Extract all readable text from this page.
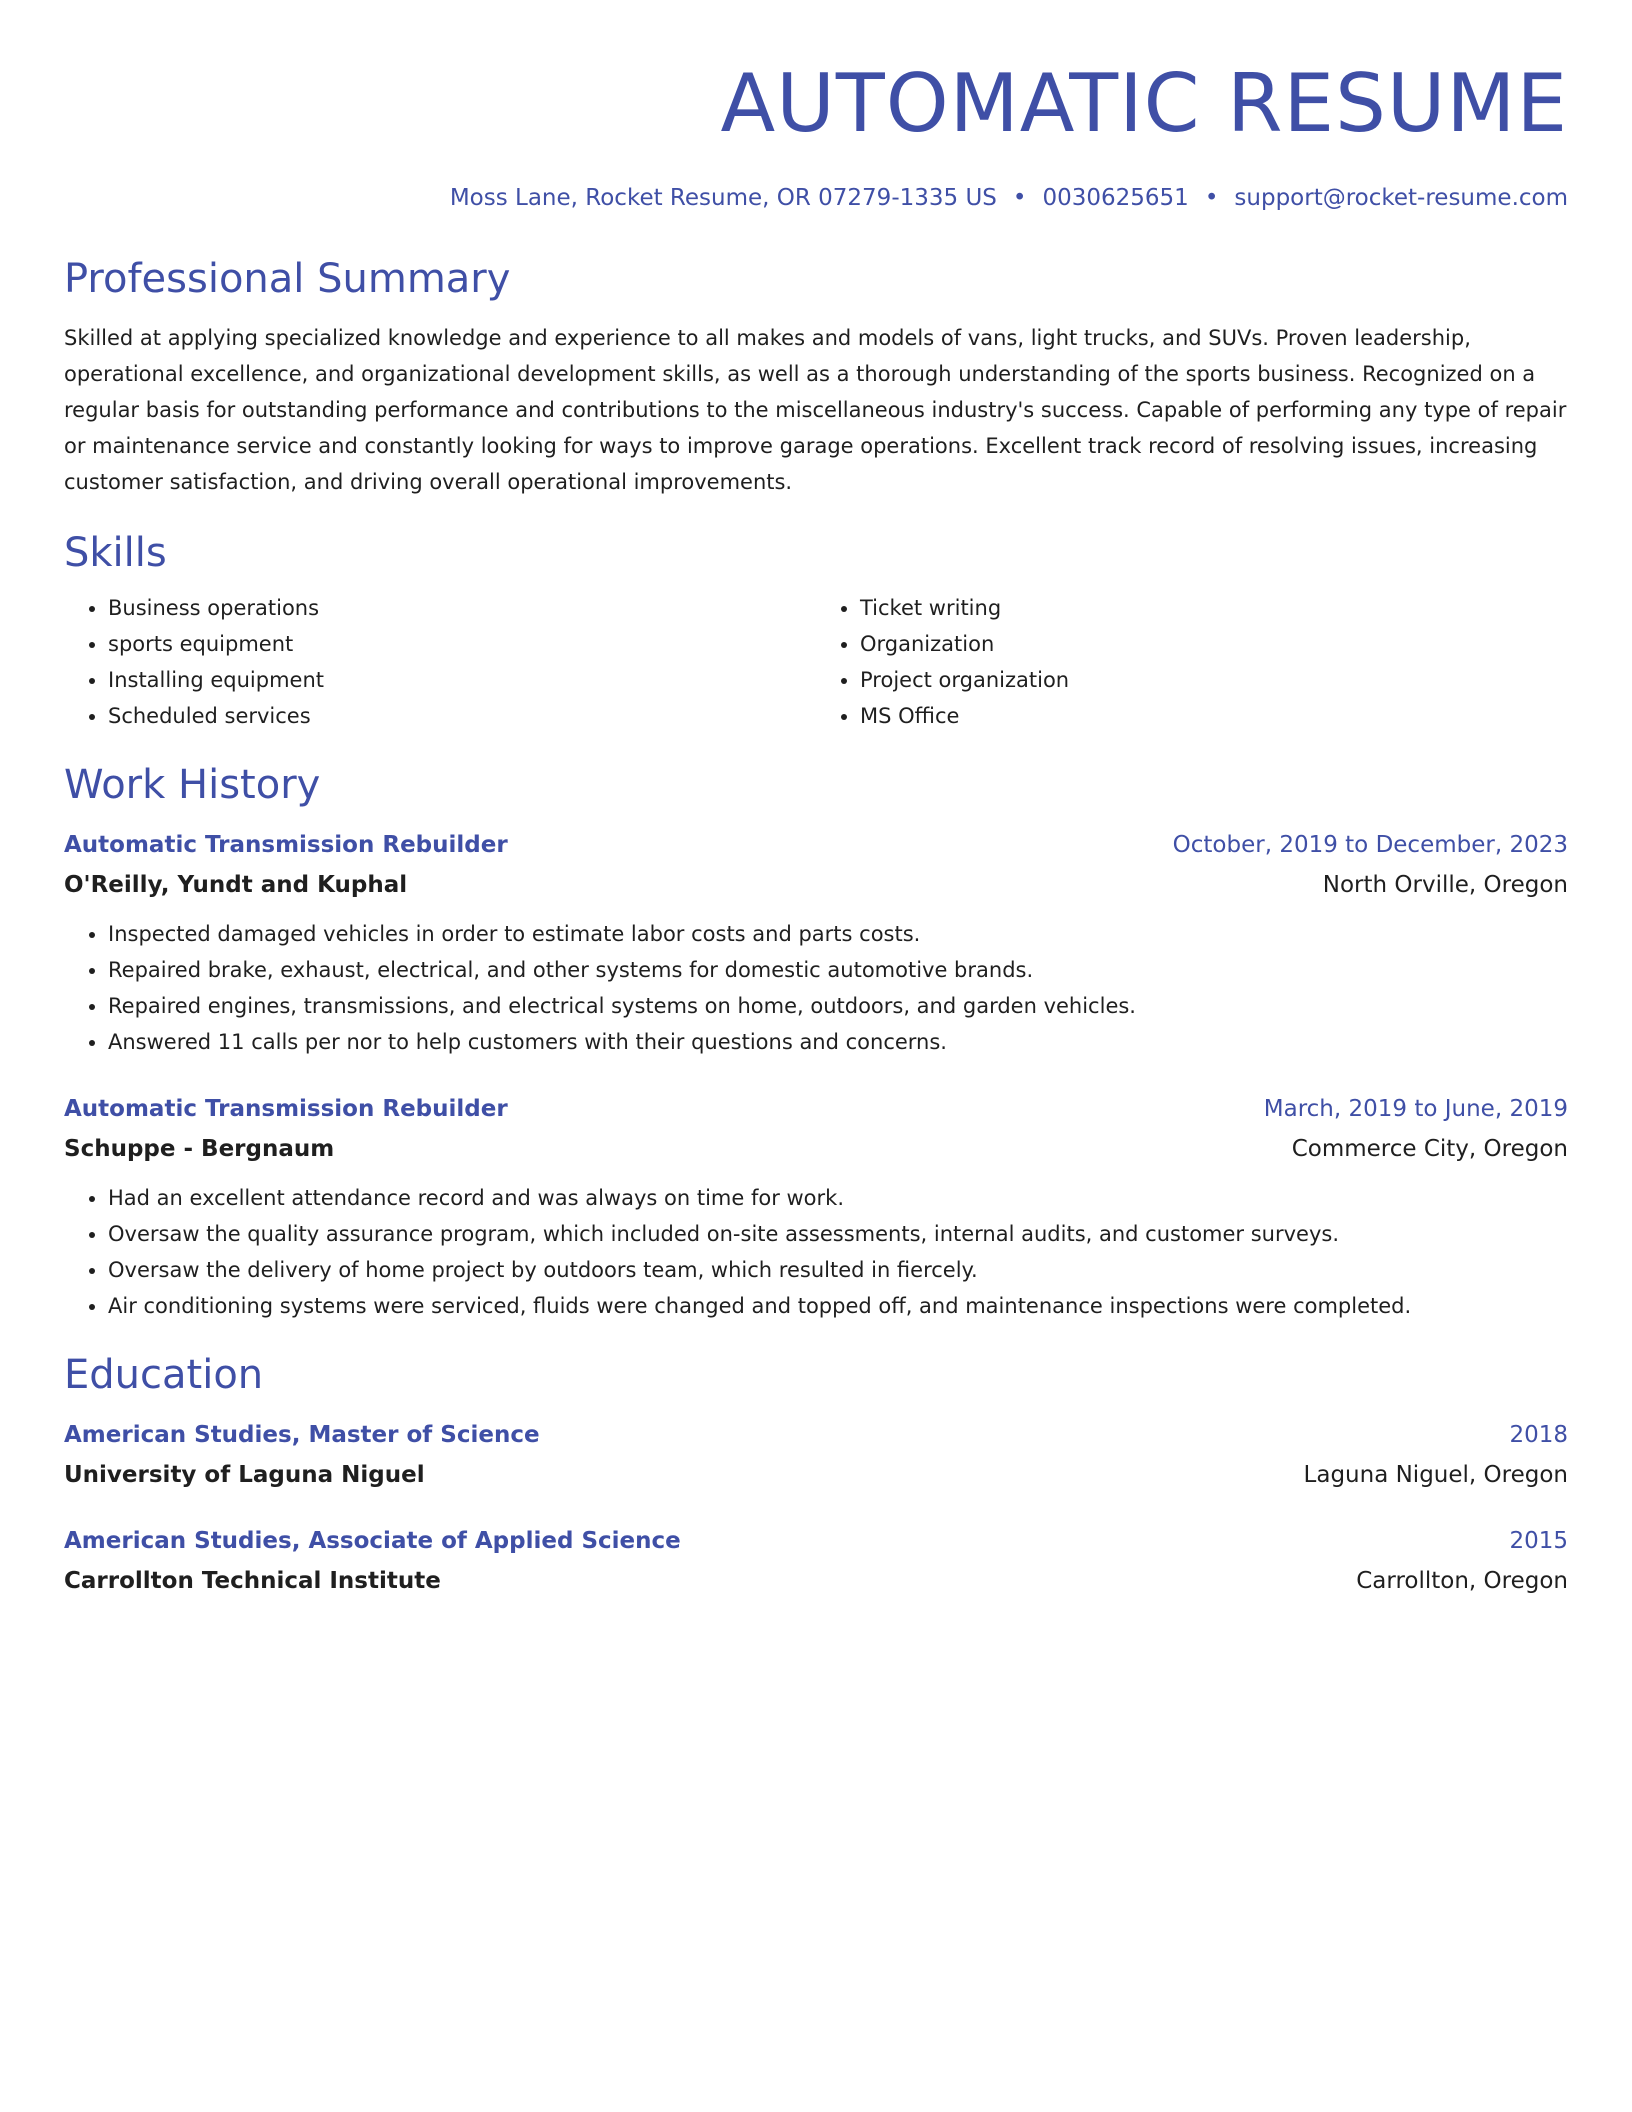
AUTOMATIC RESUME
Moss Lane, Rocket Resume, OR 07279-1335 US • 0030625651 • support@rocket-resume.com
Professional Summary

Skilled at applying specialized knowledge and experience to all makes and models of vans, light trucks, and SUVs. Proven leadership, operational excellence, and organizational development skills, as well as a thorough understanding of the sports business. Recognized on a regular basis for outstanding performance and contributions to the miscellaneous industry's success. Capable of performing any type of repair or maintenance service and constantly looking for ways to improve garage operations. Excellent track record of resolving issues, increasing customer satisfaction, and driving overall operational improvements.

Skills
• Business operations
• sports equipment
• Installing equipment
• Scheduled services
• Ticket writing
• Organization
• Project organization
• MS Office
Work History
Automatic Transmission Rebuilder	October, 2019 to December, 2023
O'Reilly, Yundt and Kuphal	North Orville, Oregon
• Inspected damaged vehicles in order to estimate labor costs and parts costs.
• Repaired brake, exhaust, electrical, and other systems for domestic automotive brands.
• Repaired engines, transmissions, and electrical systems on home, outdoors, and garden vehicles.
• Answered 11 calls per nor to help customers with their questions and concerns.
Automatic Transmission Rebuilder	March, 2019 to June, 2019
Schuppe - Bergnaum	Commerce City, Oregon
• Had an excellent attendance record and was always on time for work.
• Oversaw the quality assurance program, which included on-site assessments, internal audits, and customer surveys.
• Oversaw the delivery of home project by outdoors team, which resulted in fiercely.
• Air conditioning systems were serviced, fluids were changed and topped off, and maintenance inspections were completed.
Education
American Studies, Master of Science	2018
University of Laguna Niguel	Laguna Niguel, Oregon
American Studies, Associate of Applied Science	2015
Carrollton Technical Institute	Carrollton, Oregon
